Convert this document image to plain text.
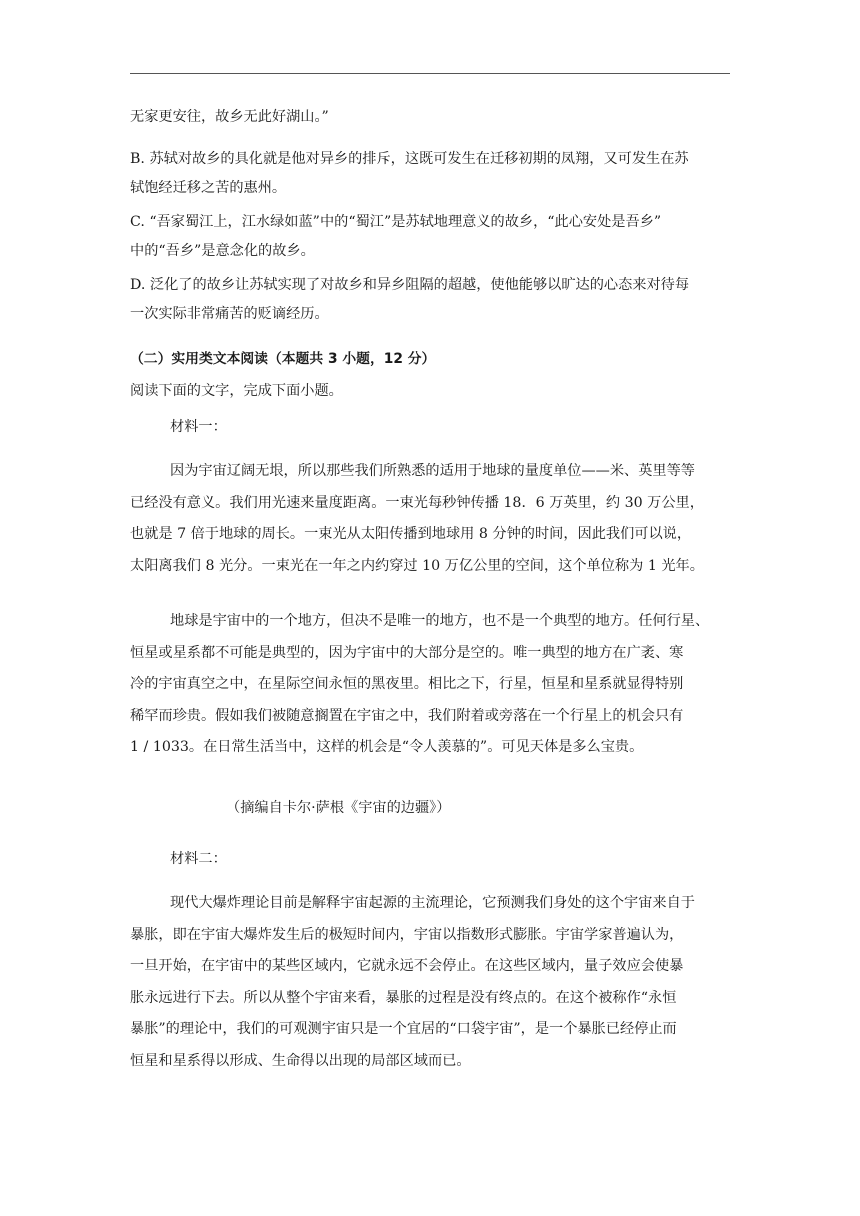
无家更安往，故乡无此好湖山。”
B. 苏轼对故乡的具化就是他对异乡的排斥，这既可发生在迁移初期的凤翔，又可发生在苏
轼饱经迁移之苦的惠州。
C. “吾家蜀江上，江水绿如蓝”中的“蜀江”是苏轼地理意义的故乡，“此心安处是吾乡”
中的“吾乡”是意念化的故乡。
D. 泛化了的故乡让苏轼实现了对故乡和异乡阻隔的超越，使他能够以旷达的心态来对待每
一次实际非常痛苦的贬谪经历。
（二）实用类文本阅读（本题共 3 小题，12 分）
阅读下面的文字，完成下面小题。
材料一：
因为宇宙辽阔无垠，所以那些我们所熟悉的适用于地球的量度单位——米、英里等等
已经没有意义。我们用光速来量度距离。一束光每秒钟传播 18．6 万英里，约 30 万公里，
也就是 7 倍于地球的周长。一束光从太阳传播到地球用 8 分钟的时间，因此我们可以说，
太阳离我们 8 光分。一束光在一年之内约穿过 10 万亿公里的空间，这个单位称为 1 光年。
地球是宇宙中的一个地方，但决不是唯一的地方，也不是一个典型的地方。任何行星、
恒星或星系都不可能是典型的，因为宇宙中的大部分是空的。唯一典型的地方在广袤、寒
冷的宇宙真空之中，在星际空间永恒的黑夜里。相比之下，行星，恒星和星系就显得特别
稀罕而珍贵。假如我们被随意搁置在宇宙之中，我们附着或旁落在一个行星上的机会只有
1 / 1033。在日常生活当中，这样的机会是“令人羡慕的”。可见天体是多么宝贵。
（摘编自卡尔·萨根《宇宙的边疆》）
材料二：
现代大爆炸理论目前是解释宇宙起源的主流理论，它预测我们身处的这个宇宙来自于
暴胀，即在宇宙大爆炸发生后的极短时间内，宇宙以指数形式膨胀。宇宙学家普遍认为，
一旦开始，在宇宙中的某些区域内，它就永远不会停止。在这些区域内，量子效应会使暴
胀永远进行下去。所以从整个宇宙来看，暴胀的过程是没有终点的。在这个被称作“永恒
暴胀”的理论中，我们的可观测宇宙只是一个宜居的“口袋宇宙”，是一个暴胀已经停止而
恒星和星系得以形成、生命得以出现的局部区域而已。
